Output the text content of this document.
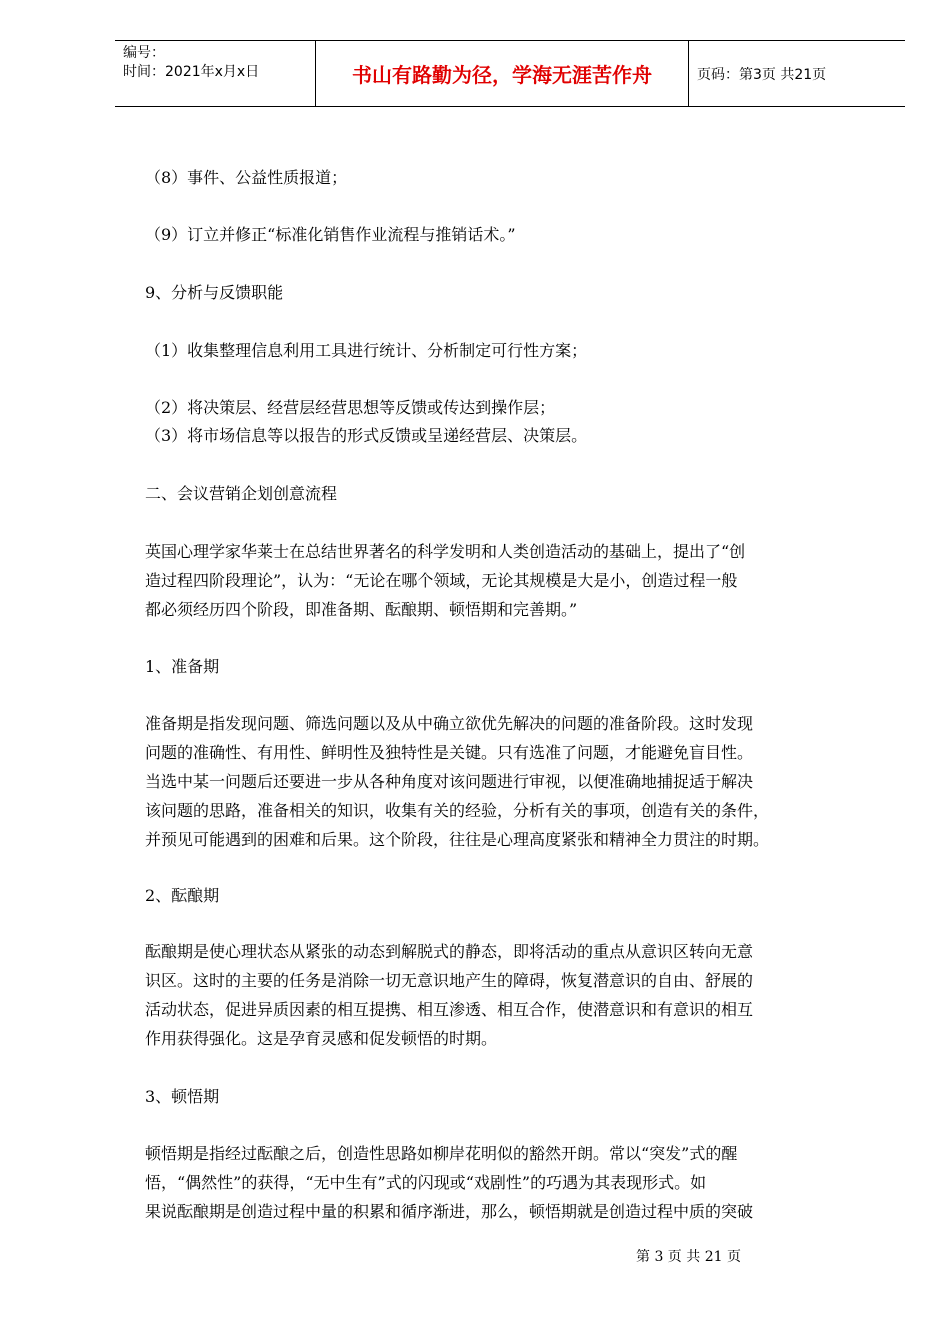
编号：
时间：2021年x月x日	书山有路勤为径，学海无涯苦作舟	页码：第3页 共21页
（8）事件、公益性质报道；
（9）订立并修正“标准化销售作业流程与推销话术。”
9、分析与反馈职能
（1）收集整理信息利用工具进行统计、分析制定可行性方案；
（2）将决策层、经营层经营思想等反馈或传达到操作层；
（3）将市场信息等以报告的形式反馈或呈递经营层、决策层。
二、会议营销企划创意流程
英国心理学家华莱士在总结世界著名的科学发明和人类创造活动的基础上，提出了“创
造过程四阶段理论”，认为：“无论在哪个领域，无论其规模是大是小，创造过程一般
都必须经历四个阶段，即准备期、酝酿期、顿悟期和完善期。”
1、准备期
准备期是指发现问题、筛选问题以及从中确立欲优先解决的问题的准备阶段。这时发现
问题的准确性、有用性、鲜明性及独特性是关键。只有选准了问题，才能避免盲目性。
当选中某一问题后还要进一步从各种角度对该问题进行审视，以便准确地捕捉适于解决
该问题的思路，准备相关的知识，收集有关的经验，分析有关的事项，创造有关的条件，
并预见可能遇到的困难和后果。这个阶段，往往是心理高度紧张和精神全力贯注的时期。
2、酝酿期
酝酿期是使心理状态从紧张的动态到解脱式的静态，即将活动的重点从意识区转向无意
识区。这时的主要的任务是消除一切无意识地产生的障碍，恢复潜意识的自由、舒展的
活动状态，促进异质因素的相互提携、相互渗透、相互合作，使潜意识和有意识的相互
作用获得强化。这是孕育灵感和促发顿悟的时期。
3、顿悟期
顿悟期是指经过酝酿之后，创造性思路如柳岸花明似的豁然开朗。常以“突发”式的醒
悟，“偶然性”的获得，“无中生有”式的闪现或“戏剧性”的巧遇为其表现形式。如
果说酝酿期是创造过程中量的积累和循序渐进，那么，顿悟期就是创造过程中质的突破
第 3 页 共 21 页
